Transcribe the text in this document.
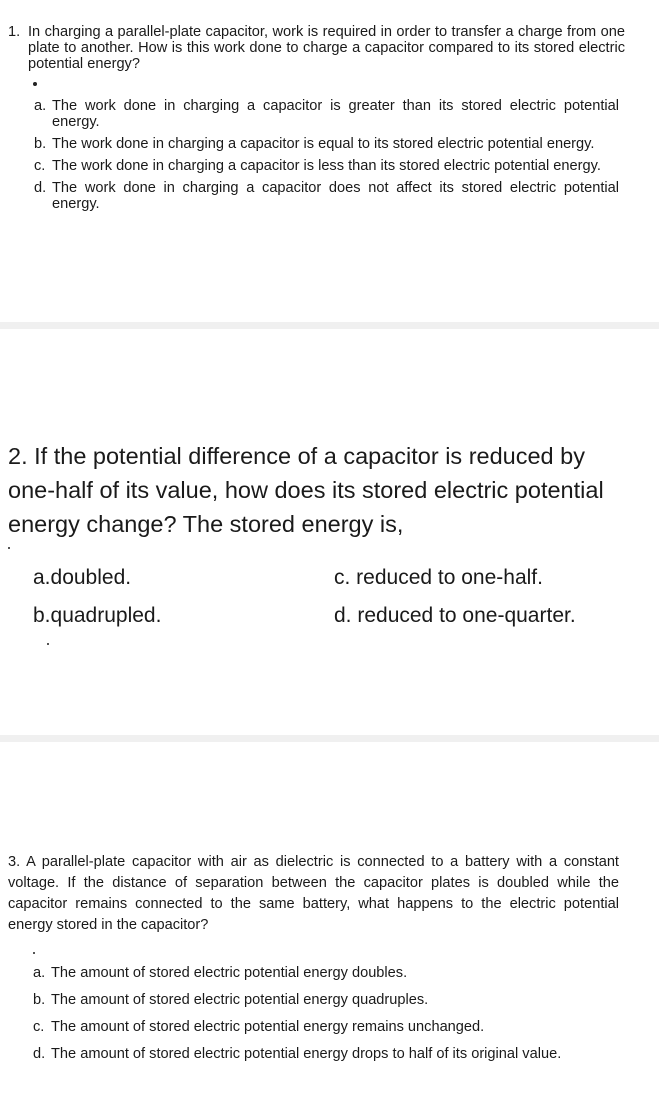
1. In charging a parallel-plate capacitor, work is required in order to transfer a charge from one plate to another. How is this work done to charge a capacitor compared to its stored electric potential energy?
a. The work done in charging a capacitor is greater than its stored electric potential energy.
b. The work done in charging a capacitor is equal to its stored electric potential energy.
c. The work done in charging a capacitor is less than its stored electric potential energy.
d. The work done in charging a capacitor does not affect its stored electric potential energy.
2. If the potential difference of a capacitor is reduced by one-half of its value, how does its stored electric potential energy change? The stored energy is,
a.doubled.	c. reduced to one-half.
b.quadrupled.	d. reduced to one-quarter.
3. A parallel-plate capacitor with air as dielectric is connected to a battery with a constant voltage. If the distance of separation between the capacitor plates is doubled while the capacitor remains connected to the same battery, what happens to the electric potential energy stored in the capacitor?
a. The amount of stored electric potential energy doubles.
b. The amount of stored electric potential energy quadruples.
c. The amount of stored electric potential energy remains unchanged.
d. The amount of stored electric potential energy drops to half of its original value.
